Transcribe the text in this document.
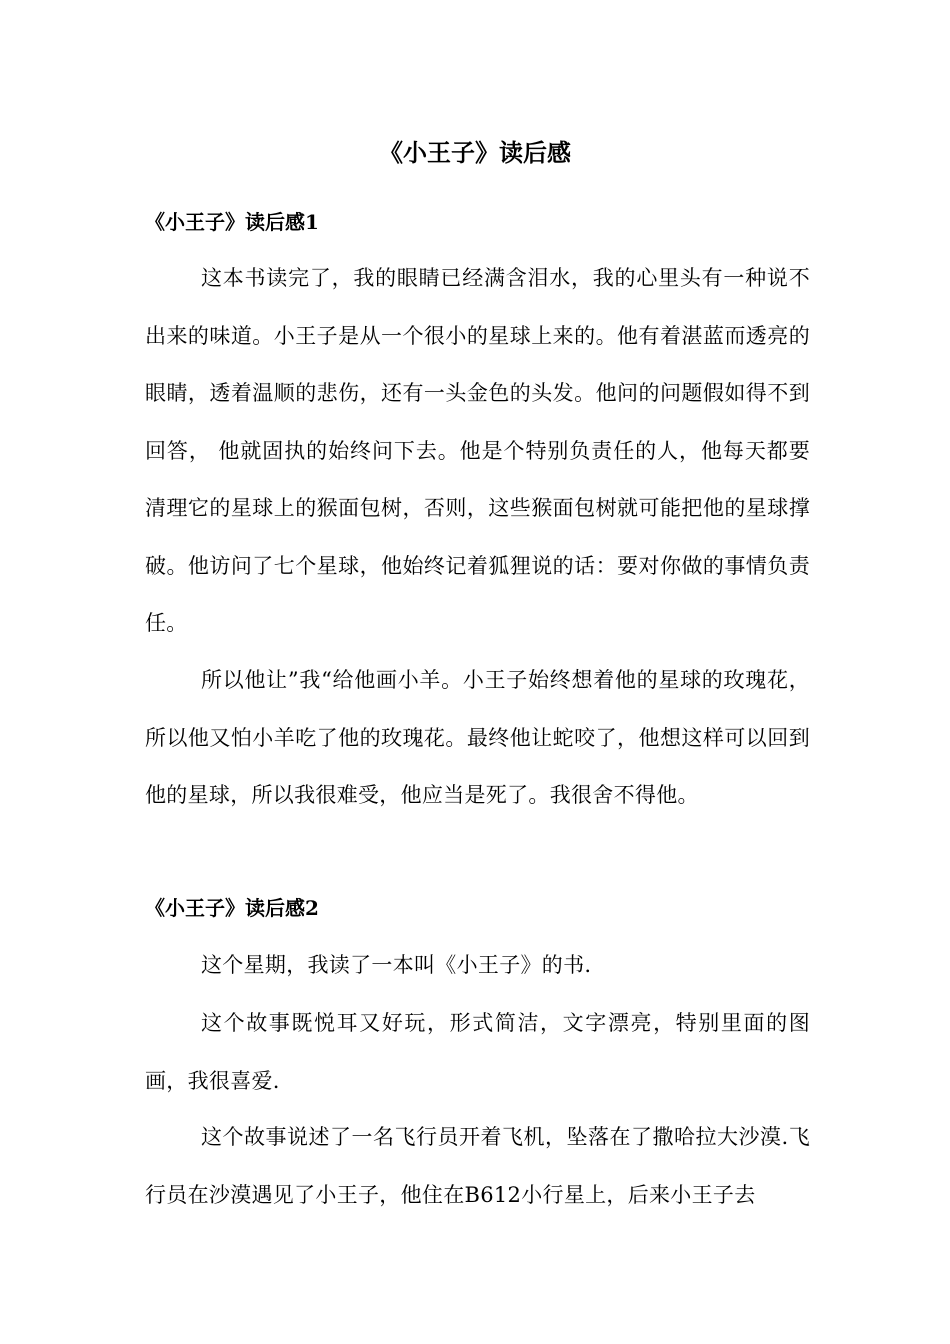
《小王子》读后感
《小王子》读后感1

这本书读完了，我的眼睛已经满含泪水，我的心里头有一种说不出来的味道。小王子是从一个很小的星球上来的。他有着湛蓝而透亮的眼睛，透着温顺的悲伤，还有一头金色的头发。他问的问题假如得不到回答， 他就固执的始终问下去。他是个特别负责任的人，他每天都要清理它的星球上的猴面包树，否则，这些猴面包树就可能把他的星球撑破。他访问了七个星球，他始终记着狐狸说的话：要对你做的事情负责任。

所以他让”我“给他画小羊。小王子始终想着他的星球的玫瑰花，所以他又怕小羊吃了他的玫瑰花。最终他让蛇咬了，他想这样可以回到他的星球，所以我很难受，他应当是死了。我很舍不得他。

《小王子》读后感2

这个星期，我读了一本叫《小王子》的书.

这个故事既悦耳又好玩，形式简洁，文字漂亮，特别里面的图画，我很喜爱.

这个故事说述了一名飞行员开着飞机，坠落在了撒哈拉大沙漠.飞行员在沙漠遇见了小王子，他住在B612小行星上，后来小王子去
